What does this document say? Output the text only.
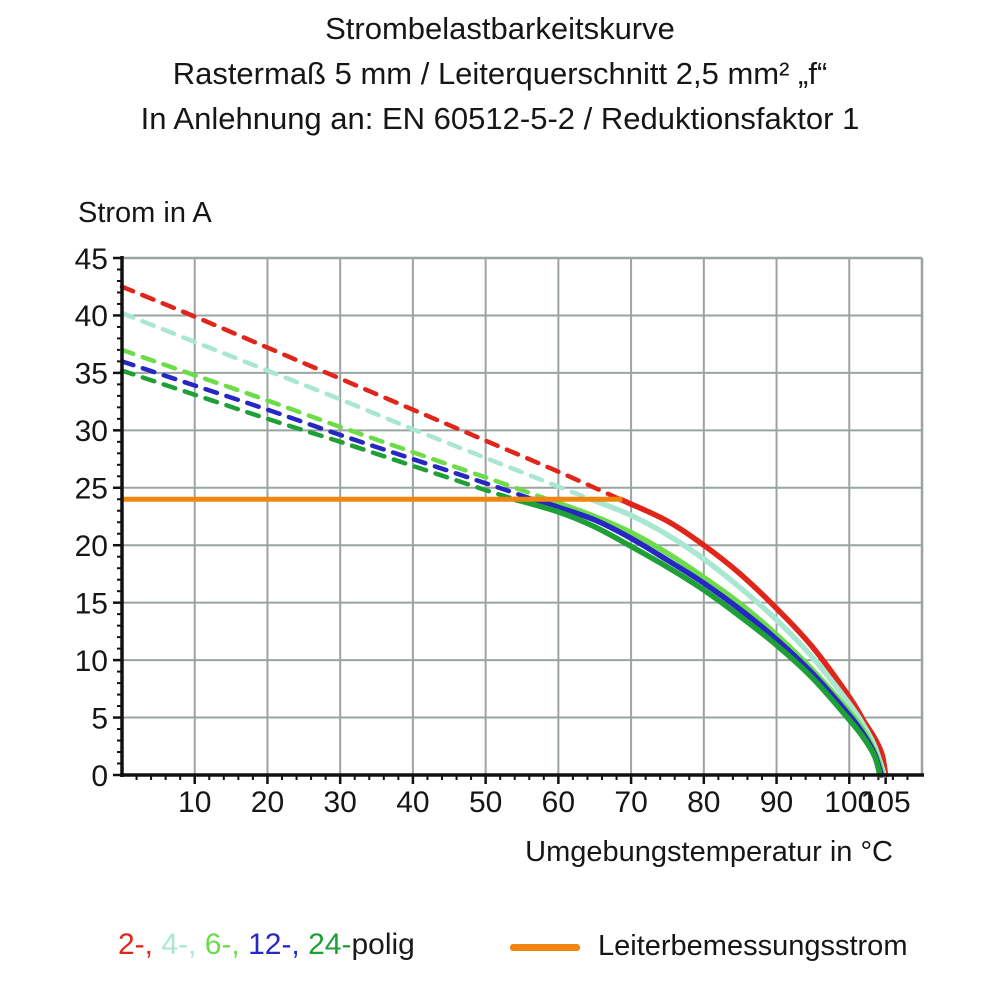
Strombelastbarkeitskurve
Rastermaß 5 mm / Leiterquerschnitt 2,5 mm² „f“
In Anlehnung an: EN 60512-5-2 / Reduktionsfaktor 1
Strom in A
10 20 30 40 50 60 70 80 90 100
105
0
5
10
15
20
25
30
35
40
45
Umgebungstemperatur in °C
2-, 4-, 6-, 12-, 24-polig	Leiterbemessungsstrom
